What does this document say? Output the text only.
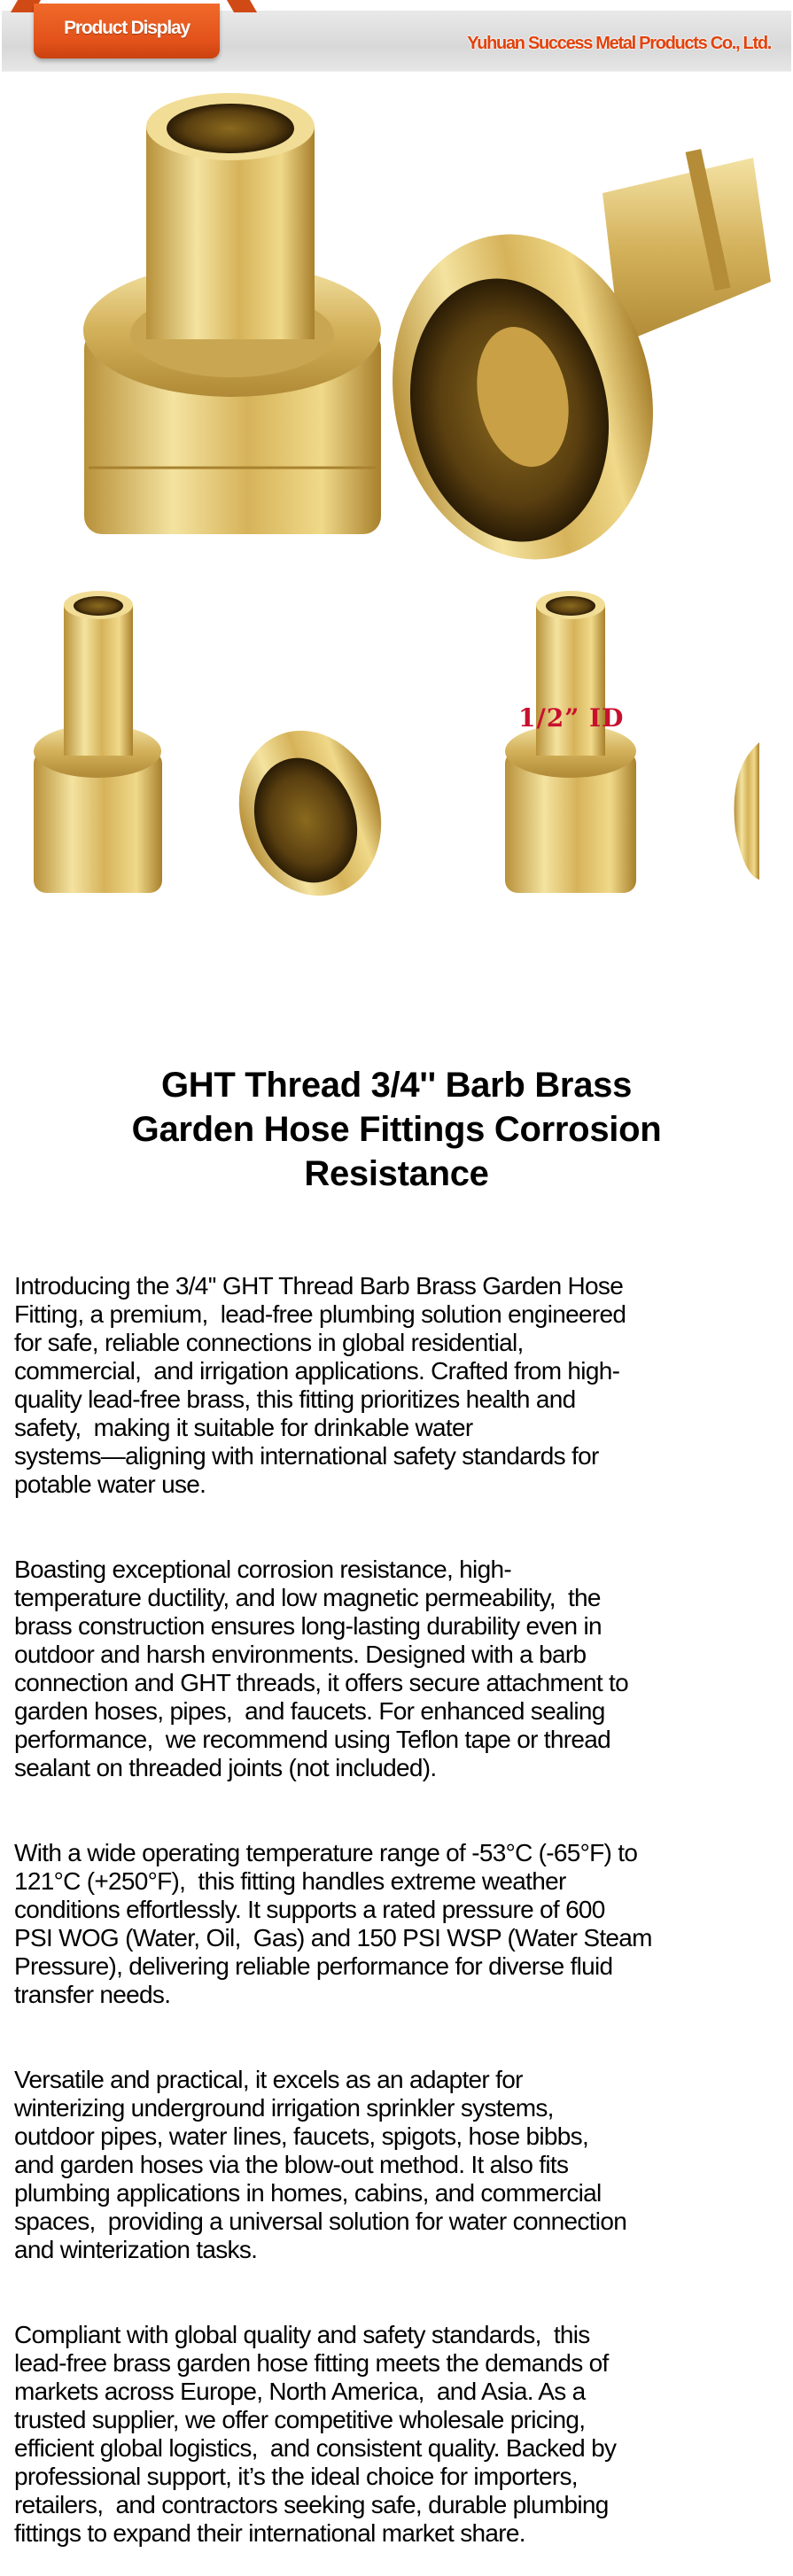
Product Display
Yuhuan Success Metal Products Co., Ltd.
1/2” ID
GHT Thread 3/4'' Barb Brass
Garden Hose Fittings Corrosion
Resistance

Introducing the 3/4'' GHT Thread Barb Brass Garden Hose
Fitting, a premium,  lead-free plumbing solution engineered
for safe, reliable connections in global residential,
commercial,  and irrigation applications. Crafted from high-
quality lead-free brass, this fitting prioritizes health and
safety,  making it suitable for drinkable water
systems—aligning with international safety standards for
potable water use.

Boasting exceptional corrosion resistance, high-
temperature ductility, and low magnetic permeability,  the
brass construction ensures long-lasting durability even in
outdoor and harsh environments. Designed with a barb
connection and GHT threads, it offers secure attachment to
garden hoses, pipes,  and faucets. For enhanced sealing
performance,  we recommend using Teflon tape or thread
sealant on threaded joints (not included).

With a wide operating temperature range of -53°C (-65°F) to
121°C (+250°F),  this fitting handles extreme weather
conditions effortlessly. It supports a rated pressure of 600
PSI WOG (Water, Oil,  Gas) and 150 PSI WSP (Water Steam
Pressure), delivering reliable performance for diverse fluid
transfer needs.

Versatile and practical, it excels as an adapter for
winterizing underground irrigation sprinkler systems,
outdoor pipes, water lines, faucets, spigots, hose bibbs,
and garden hoses via the blow-out method. It also fits
plumbing applications in homes, cabins, and commercial
spaces,  providing a universal solution for water connection
and winterization tasks.

Compliant with global quality and safety standards,  this
lead-free brass garden hose fitting meets the demands of
markets across Europe, North America,  and Asia. As a
trusted supplier, we offer competitive wholesale pricing,
efficient global logistics,  and consistent quality. Backed by
professional support, it’s the ideal choice for importers,
retailers,  and contractors seeking safe, durable plumbing
fittings to expand their international market share.
